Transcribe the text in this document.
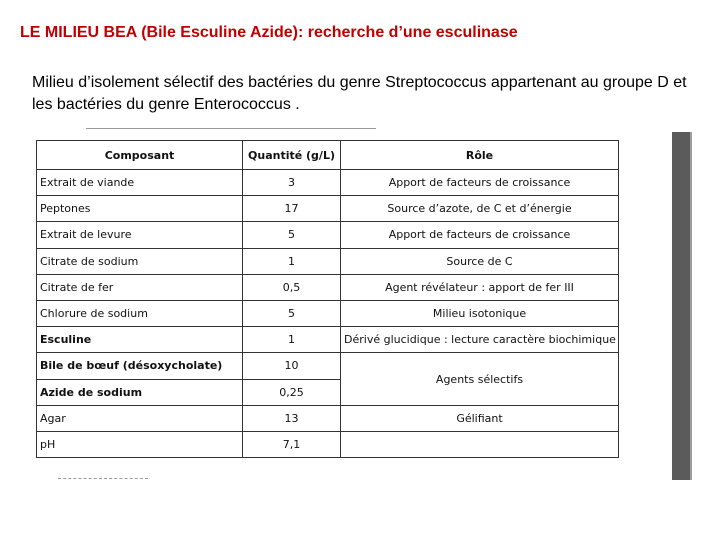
LE MILIEU BEA (Bile Esculine Azide): recherche d’une esculinase
Milieu d’isolement sélectif des bactéries du genre Streptococcus appartenant au groupe D et les bactéries du genre Enterococcus .
Composant	Quantité (g/L)	Rôle
Extrait de viande	3	Apport de facteurs de croissance
Peptones	17	Source d’azote, de C et d’énergie
Extrait de levure	5	Apport de facteurs de croissance
Citrate de sodium	1	Source de C
Citrate de fer	0,5	Agent révélateur : apport de fer III
Chlorure de sodium	5	Milieu isotonique
Esculine	1	Dérivé glucidique : lecture caractère biochimique
Bile de bœuf (désoxycholate)	10	Agents sélectifs
Azide de sodium	0,25	
Agar	13	Gélifiant
pH	7,1	
